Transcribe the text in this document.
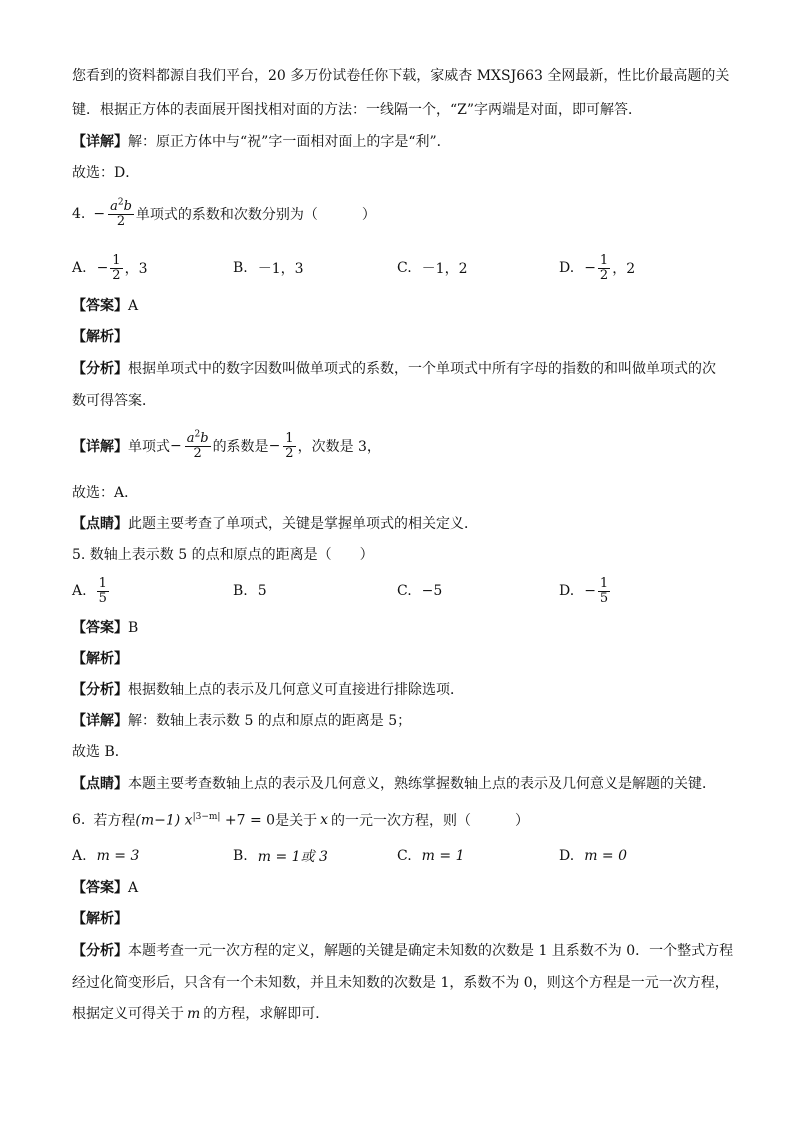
您看到的资料都源自我们平台，20 多万份试卷任你下载，家威杏 MXSJ663 全网最新，性比价最高题的关
键．根据正方体的表面展开图找相对面的方法：一线隔一个，“Z”字两端是对面，即可解答．
【详解】解：原正方体中与“祝”字一面相对面上的字是“利”．
故选：D．
4. − $\frac{a^2b}{2}$ 单项式的系数和次数分别为（	）
A. − $\frac{1}{2}$ ，3	B. －1，3	C. －1，2	D. − $\frac{1}{2}$ ，2
【答案】A
【解析】
【分析】根据单项式中的数字因数叫做单项式的系数，一个单项式中所有字母的指数的和叫做单项式的次
数可得答案．
【详解】 单项式 − $\frac{a^2b}{2}$ 的系数是 − $\frac{1}{2}$ ，次数是 3，
故选：A．
【点睛】此题主要考查了单项式，关键是掌握单项式的相关定义．
5. 数轴上表示数 5 的点和原点的距离是（　　）
A. $\frac{1}{5}$	B. 5	C. −5	D. − $\frac{1}{5}$
【答案】B
【解析】
【分析】根据数轴上点的表示及几何意义可直接进行排除选项．
【详解】解：数轴上表示数 5 的点和原点的距离是 5；
故选 B．
【点睛】本题主要考查数轴上点的表示及几何意义，熟练掌握数轴上点的表示及几何意义是解题的关键．
6. 若方程 (m−1) $x^{|3-m|} +7 = 0$ 是关于 x 的一元一次方程，则（	）
A. m = 3	B. m = 1或 3	C. m = 1	D. m = 0
【答案】A
【解析】
【分析】本题考查一元一次方程的定义，解题的关键是确定未知数的次数是 1 且系数不为 0．一个整式方程
经过化简变形后，只含有一个未知数，并且未知数的次数是 1，系数不为 0，则这个方程是一元一次方程，
根据定义可得关于 m 的方程，求解即可．
